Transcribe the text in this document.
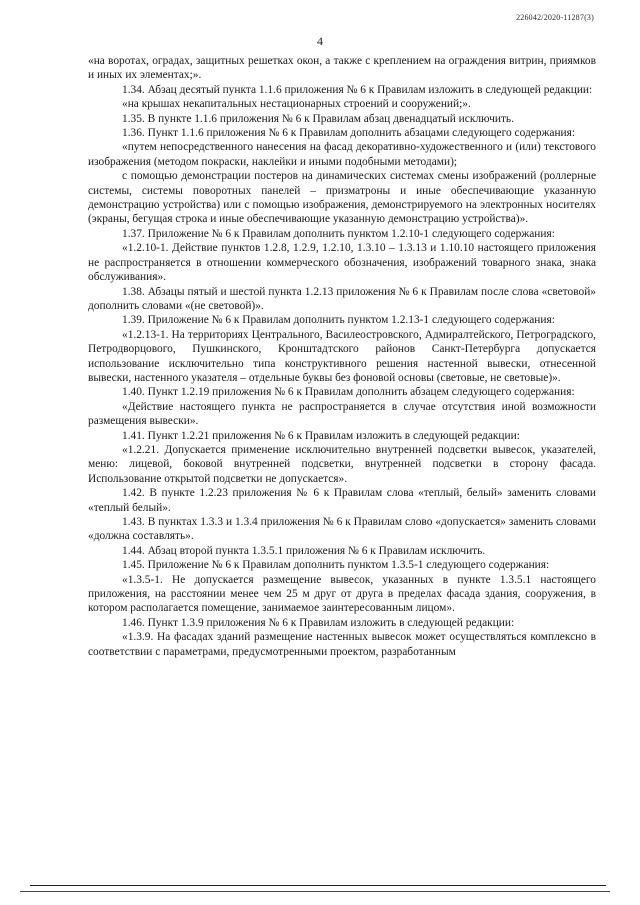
226042/2020-11287(3)
4

«на воротах, оградах, защитных решетках окон, а также с креплением на ограждения витрин, приямков и иных их элементах;».

1.34. Абзац десятый пункта 1.1.6 приложения № 6 к Правилам изложить в следующей редакции:

«на крышах некапитальных нестационарных строений и сооружений;».

1.35. В пункте 1.1.6 приложения № 6 к Правилам абзац двенадцатый исключить.

1.36. Пункт 1.1.6 приложения № 6 к Правилам дополнить абзацами следующего содержания:

«путем непосредственного нанесения на фасад декоративно-художественного и (или) текстового изображения (методом покраски, наклейки и иными подобными методами);

с помощью демонстрации постеров на динамических системах смены изображений (роллерные системы, системы поворотных панелей – призматроны и иные обеспечивающие указанную демонстрацию устройства) или с помощью изображения, демонстрируемого на электронных носителях (экраны, бегущая строка и иные обеспечивающие указанную демонстрацию устройства)».

1.37. Приложение № 6 к Правилам дополнить пунктом 1.2.10-1 следующего содержания:

«1.2.10-1. Действие пунктов 1.2.8, 1.2.9, 1.2.10, 1.3.10 – 1.3.13 и 1.10.10 настоящего приложения не распространяется в отношении коммерческого обозначения, изображений товарного знака, знака обслуживания».

1.38. Абзацы пятый и шестой пункта 1.2.13 приложения № 6 к Правилам после слова «световой» дополнить словами «(не световой)».

1.39. Приложение № 6 к Правилам дополнить пунктом 1.2.13-1 следующего содержания:

«1.2.13-1. На территориях Центрального, Василеостровского, Адмиралтейского, Петроградского, Петродворцового, Пушкинского, Кронштадтского районов Санкт-Петербурга допускается использование исключительно типа конструктивного решения настенной вывески, отнесенной вывески, настенного указателя – отдельные буквы без фоновой основы (световые, не световые)».

1.40. Пункт 1.2.19 приложения № 6 к Правилам дополнить абзацем следующего содержания:

«Действие настоящего пункта не распространяется в случае отсутствия иной возможности размещения вывески».

1.41. Пункт 1.2.21 приложения № 6 к Правилам изложить в следующей редакции:

«1.2.21. Допускается применение исключительно внутренней подсветки вывесок, указателей, меню: лицевой, боковой внутренней подсветки, внутренней подсветки в сторону фасада. Использование открытой подсветки не допускается».

1.42. В пункте 1.2.23 приложения № 6 к Правилам слова «теплый, белый» заменить словами «теплый белый».

1.43. В пунктах 1.3.3 и 1.3.4 приложения № 6 к Правилам слово «допускается» заменить словами «должна составлять».

1.44. Абзац второй пункта 1.3.5.1 приложения № 6 к Правилам исключить.

1.45. Приложение № 6 к Правилам дополнить пунктом 1.3.5-1 следующего содержания:

«1.3.5-1. Не допускается размещение вывесок, указанных в пункте 1.3.5.1 настоящего приложения, на расстоянии менее чем 25 м друг от друга в пределах фасада здания, сооружения, в котором располагается помещение, занимаемое заинтересованным лицом».

1.46. Пункт 1.3.9 приложения № 6 к Правилам изложить в следующей редакции:

«1.3.9. На фасадах зданий размещение настенных вывесок может осуществляться комплексно в соответствии с параметрами, предусмотренными проектом, разработанным
